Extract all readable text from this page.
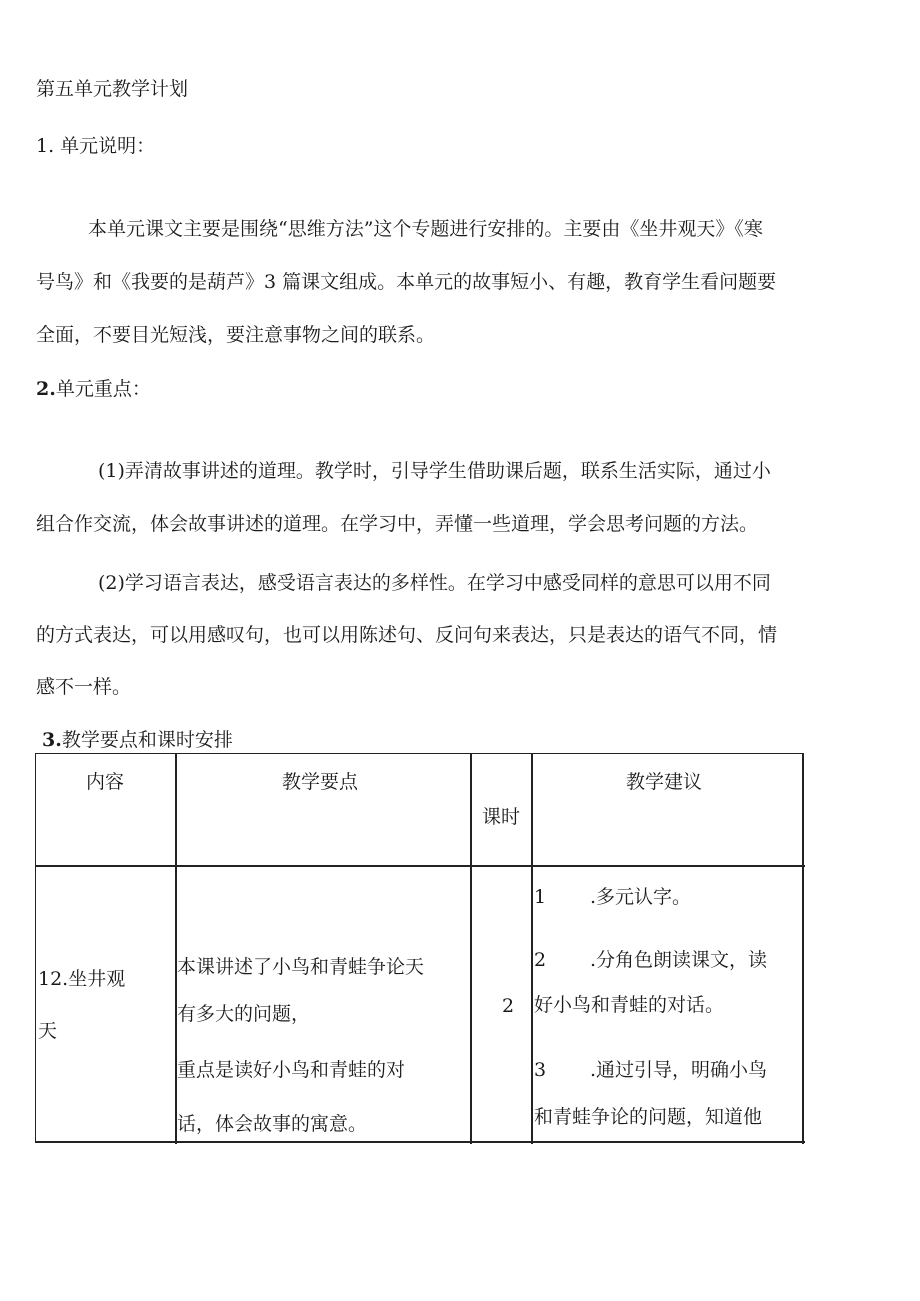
第五单元教学计划
1. 单元说明：
本单元课文主要是围绕“思维方法”这个专题进行安排的。主要由《坐井观天》《寒
号鸟》和《我要的是葫芦》3 篇课文组成。本单元的故事短小、有趣，教育学生看问题要
全面，不要目光短浅，要注意事物之间的联系。
2.单元重点：
(1)弄清故事讲述的道理。教学时，引导学生借助课后题，联系生活实际，通过小
组合作交流，体会故事讲述的道理。在学习中，弄懂一些道理，学会思考问题的方法。
(2)学习语言表达，感受语言表达的多样性。在学习中感受同样的意思可以用不同
的方式表达，可以用感叹句，也可以用陈述句、反问句来表达，只是表达的语气不同，情
感不一样。
3.教学要点和课时安排
内容	教学要点
课时
教学建议
12.坐井观
天
本课讲述了小鸟和青蛙争论天
有多大的问题，
重点是读好小鸟和青蛙的对
话，体会故事的寓意。
2
1 .多元认字。
2 .分角色朗读课文，读
好小鸟和青蛙的对话。
3 .通过引导，明确小鸟
和青蛙争论的问题，知道他
